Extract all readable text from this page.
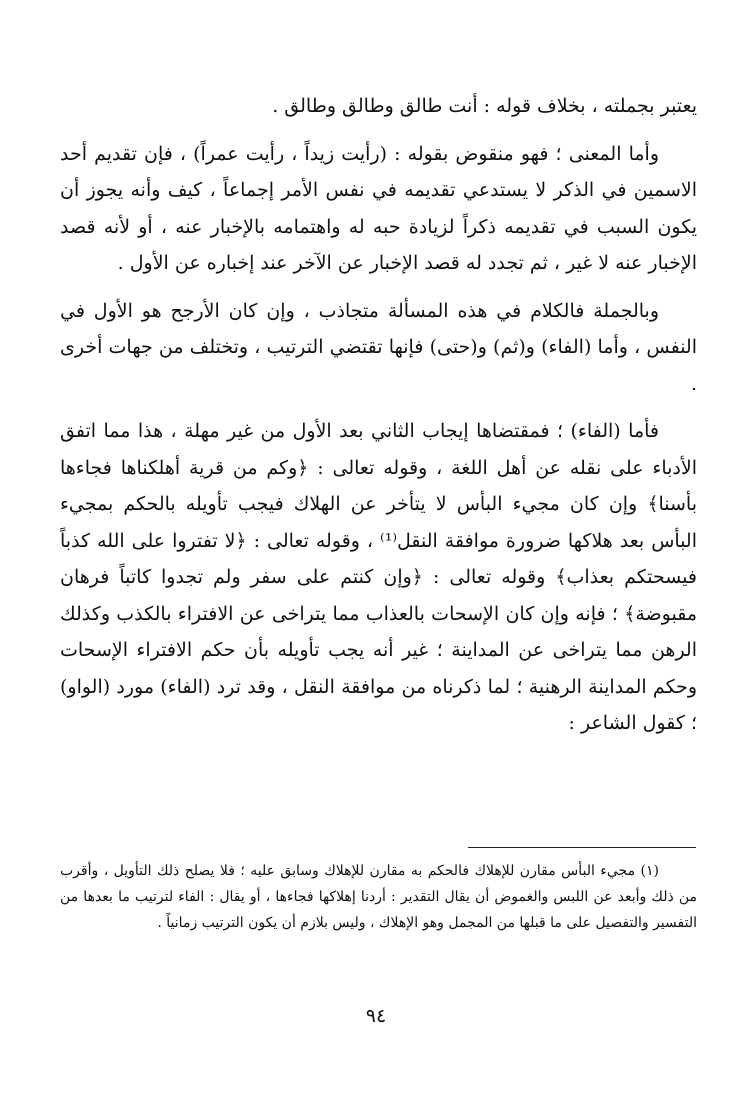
يعتبر بجملته ، بخلاف قوله : أنت طالق وطالق وطالق .

وأما المعنى ؛ فهو منقوض بقوله : (رأيت زيداً ، رأيت عمراً) ، فإن تقديم أحد الاسمين في الذكر لا يستدعي تقديمه في نفس الأمر إجماعاً ، كيف وأنه يجوز أن يكون السبب في تقديمه ذكراً لزيادة حبه له واهتمامه بالإخبار عنه ، أو لأنه قصد الإخبار عنه لا غير ، ثم تجدد له قصد الإخبار عن الآخر عند إخباره عن الأول .

وبالجملة فالكلام في هذه المسألة متجاذب ، وإن كان الأرجح هو الأول في النفس ، وأما (الفاء) و(ثم) و(حتى) فإنها تقتضي الترتيب ، وتختلف من جهات أخرى .

فأما (الفاء) ؛ فمقتضاها إيجاب الثاني بعد الأول من غير مهلة ، هذا مما اتفق الأدباء على نقله عن أهل اللغة ، وقوله تعالى : ﴿وكم من قرية أهلكناها فجاءها بأسنا﴾ وإن كان مجيء البأس لا يتأخر عن الهلاك فيجب تأويله بالحكم بمجيء البأس بعد هلاكها ضرورة موافقة النقل⁽¹⁾ ، وقوله تعالى : ﴿لا تفتروا على الله كذباً فيسحتكم بعذاب﴾ وقوله تعالى : ﴿وإن كنتم على سفر ولم تجدوا كاتباً فرهان مقبوضة﴾ ؛ فإنه وإن كان الإسحات بالعذاب مما يتراخى عن الافتراء بالكذب وكذلك الرهن مما يتراخى عن المداينة ؛ غير أنه يجب تأويله بأن حكم الافتراء الإسحات وحكم المداينة الرهنية ؛ لما ذكرناه من موافقة النقل ، وقد ترد (الفاء) مورد (الواو) ؛ كقول الشاعر :

(١) مجيء البأس مقارن للإهلاك فالحكم به مقارن للإهلاك وسابق عليه ؛ فلا يصلح ذلك التأويل ، وأقرب من ذلك وأبعد عن اللبس والغموض أن يقال التقدير : أردنا إهلاكها فجاءها ، أو يقال : الفاء لترتيب ما بعدها من التفسير والتفصيل على ما قبلها من المجمل وهو الإهلاك ، وليس بلازم أن يكون الترتيب زمانياً .

٩٤
